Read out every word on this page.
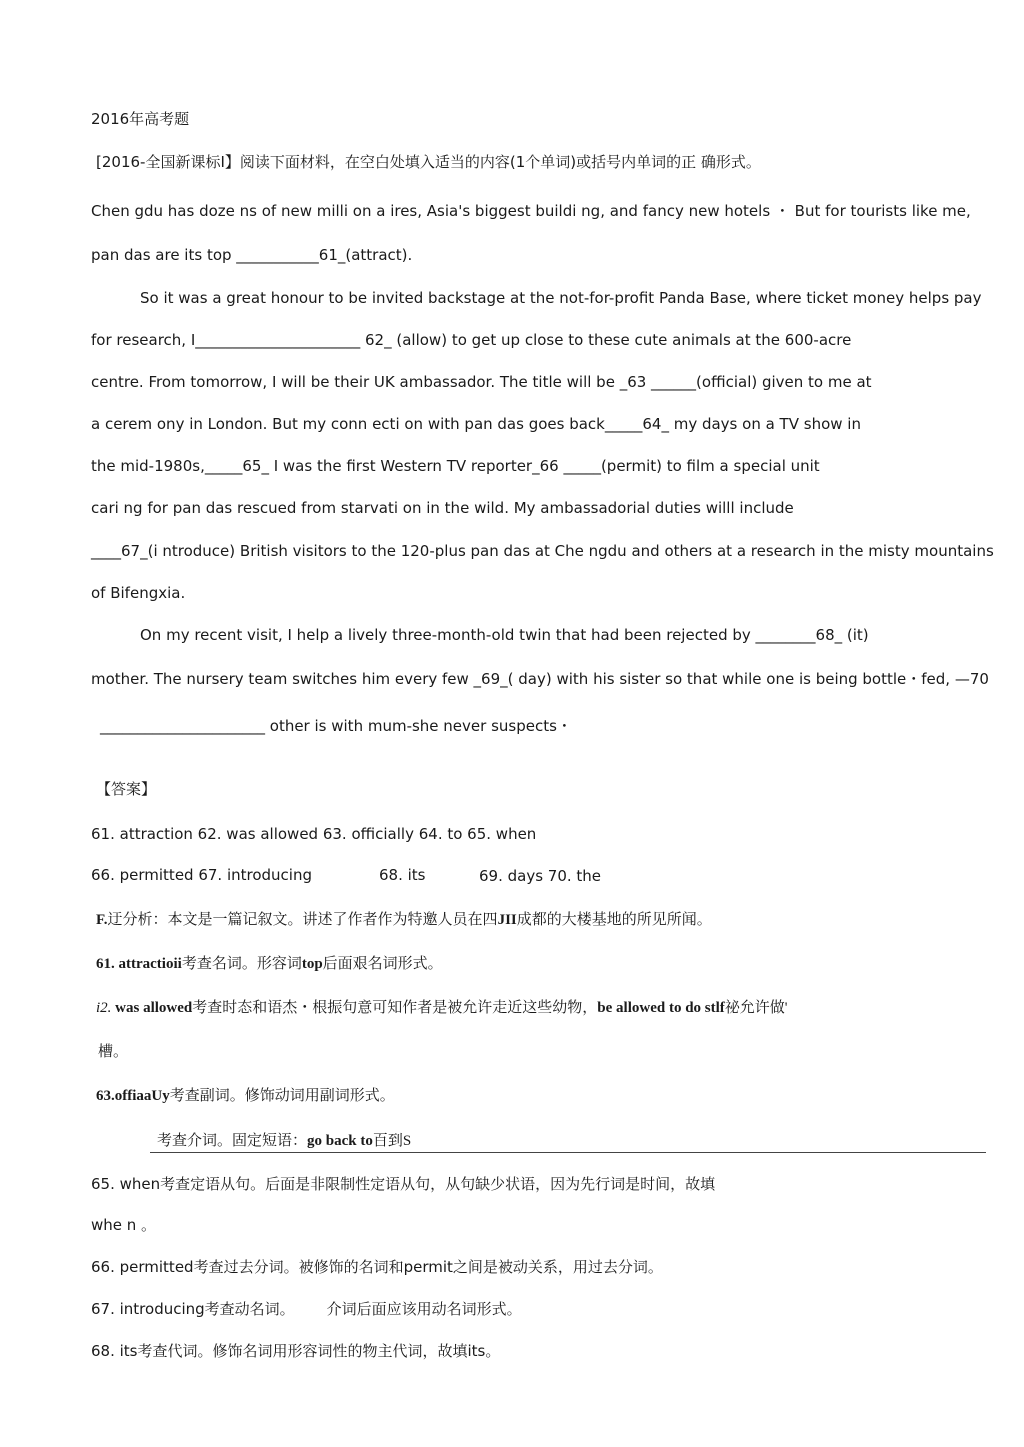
2016年高考题
[2016-全国新课标I】阅读下面材料，在空白处填入适当的内容(1个单词)或括号内单词的正 确形式。
Chen gdu has doze ns of new milli on a ires, Asia's biggest buildi ng, and fancy new hotels ・ But for tourists like me,
pan das are its top ___________61_(attract).
So it was a great honour to be invited backstage at the not-for-profit Panda Base, where ticket money helps pay
for research, I______________________ 62_ (allow) to get up close to these cute animals at the 600-acre
centre. From tomorrow, I will be their UK ambassador. The title will be _63 ______(official) given to me at
a cerem ony in London. But my conn ecti on with pan das goes back_____64_ my days on a TV show in
the mid-1980s,_____65_ I was the first Western TV reporter_66 _____(permit) to film a special unit
cari ng for pan das rescued from starvati on in the wild. My ambassadorial duties willl include
____67_(i ntroduce) British visitors to the 120-plus pan das at Che ngdu and others at a research in the misty mountains
of Bifengxia.
On my recent visit, I help a lively three-month-old twin that had been rejected by ________68_ (it)
mother. The nursery team switches him every few _69_( day) with his sister so that while one is being bottle・fed, —70
______________________ other is with mum-she never suspects・
【答案】
61. attraction 62. was allowed 63. officially 64. to 65. when
66. permitted 67. introducing	68. its	69. days 70. the
F.迂分析：本文是一篇记叙文。讲述了作者作为特邀人员在四JII成都的大楼基地的所见所闻。
61. attractioii考查名词。形容词top后面艰名词形式。
i2. was allowed考查时态和语杰・根振句意可知作者是被允许走近这些幼物，be allowed to do stlf祕允许做'
槽。
63.offiaaUy考查副词。修饰动词用副词形式。
考查介词。固定短语：go back to百到S
65. when考查定语从句。后面是非限制性定语从句，从句缺少状语，因为先行词是时间，故填
whe n 。
66. permitted考查过去分词。被修饰的名词和permit之间是被动关系，用过去分词。
67. introducing考查动名词。 介词后面应该用动名词形式。
68. its考查代词。修饰名词用形容词性的物主代词，故填its。
